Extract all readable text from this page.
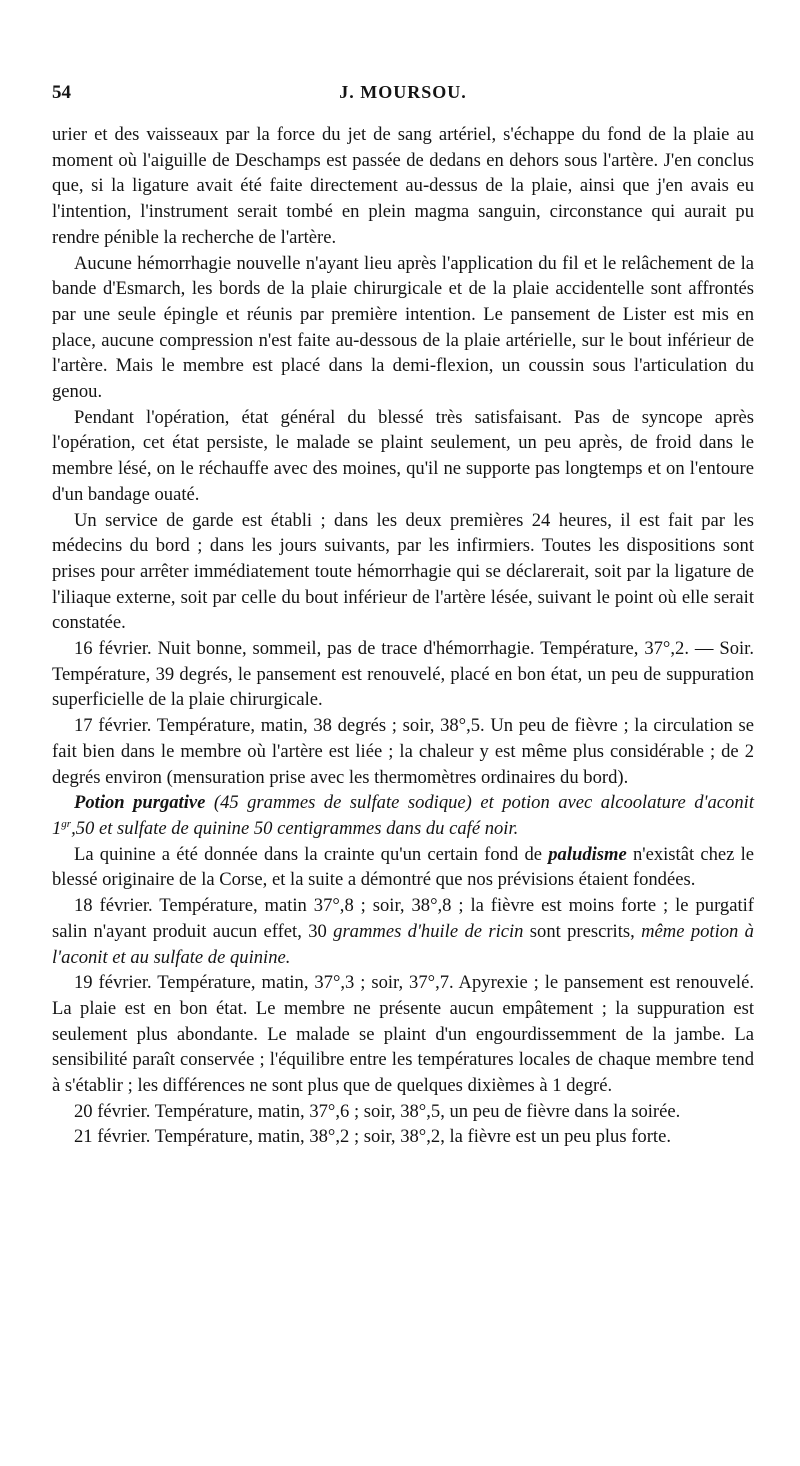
54	J. MOURSOU.

urier et des vaisseaux par la force du jet de sang artériel, s'échappe du fond de la plaie au moment où l'aiguille de Deschamps est passée de dedans en dehors sous l'artère. J'en conclus que, si la ligature avait été faite directement au-dessus de la plaie, ainsi que j'en avais eu l'intention, l'instrument serait tombé en plein magma sanguin, circonstance qui aurait pu rendre pénible la recherche de l'artère.

Aucune hémorrhagie nouvelle n'ayant lieu après l'application du fil et le relâchement de la bande d'Esmarch, les bords de la plaie chirurgicale et de la plaie accidentelle sont affrontés par une seule épingle et réunis par première intention. Le pansement de Lister est mis en place, aucune compression n'est faite au-dessous de la plaie artérielle, sur le bout inférieur de l'artère. Mais le membre est placé dans la demi-flexion, un coussin sous l'articulation du genou.

Pendant l'opération, état général du blessé très satisfaisant. Pas de syncope après l'opération, cet état persiste, le malade se plaint seulement, un peu après, de froid dans le membre lésé, on le réchauffe avec des moines, qu'il ne supporte pas longtemps et on l'entoure d'un bandage ouaté.

Un service de garde est établi ; dans les deux premières 24 heures, il est fait par les médecins du bord ; dans les jours suivants, par les infirmiers. Toutes les dispositions sont prises pour arrêter immédiatement toute hémorrhagie qui se déclarerait, soit par la ligature de l'iliaque externe, soit par celle du bout inférieur de l'artère lésée, suivant le point où elle serait constatée.

16 février. Nuit bonne, sommeil, pas de trace d'hémorrhagie. Température, 37°,2. — Soir. Température, 39 degrés, le pansement est renouvelé, placé en bon état, un peu de suppuration superficielle de la plaie chirurgicale.

17 février. Température, matin, 38 degrés ; soir, 38°,5. Un peu de fièvre ; la circulation se fait bien dans le membre où l'artère est liée ; la chaleur y est même plus considérable ; de 2 degrés environ (mensuration prise avec les thermomètres ordinaires du bord).

Potion purgative (45 grammes de sulfate sodique) et potion avec alcoolature d'aconit $1^{gr},50$ et sulfate de quinine 50 centigrammes dans du café noir.

La quinine a été donnée dans la crainte qu'un certain fond de paludisme n'existât chez le blessé originaire de la Corse, et la suite a démontré que nos prévisions étaient fondées.

18 février. Température, matin 37°,8 ; soir, 38°,8 ; la fièvre est moins forte ; le purgatif salin n'ayant produit aucun effet, 30 grammes d'huile de ricin sont prescrits, même potion à l'aconit et au sulfate de quinine.

19 février. Température, matin, 37°,3 ; soir, 37°,7. Apyrexie ; le pansement est renouvelé. La plaie est en bon état. Le membre ne présente aucun empâtement ; la suppuration est seulement plus abondante. Le malade se plaint d'un engourdissemment de la jambe. La sensibilité paraît conservée ; l'équilibre entre les températures locales de chaque membre tend à s'établir ; les différences ne sont plus que de quelques dixièmes à 1 degré.

20 février. Température, matin, 37°,6 ; soir, 38°,5, un peu de fièvre dans la soirée.

21 février. Température, matin, 38°,2 ; soir, 38°,2, la fièvre est un peu plus forte.
